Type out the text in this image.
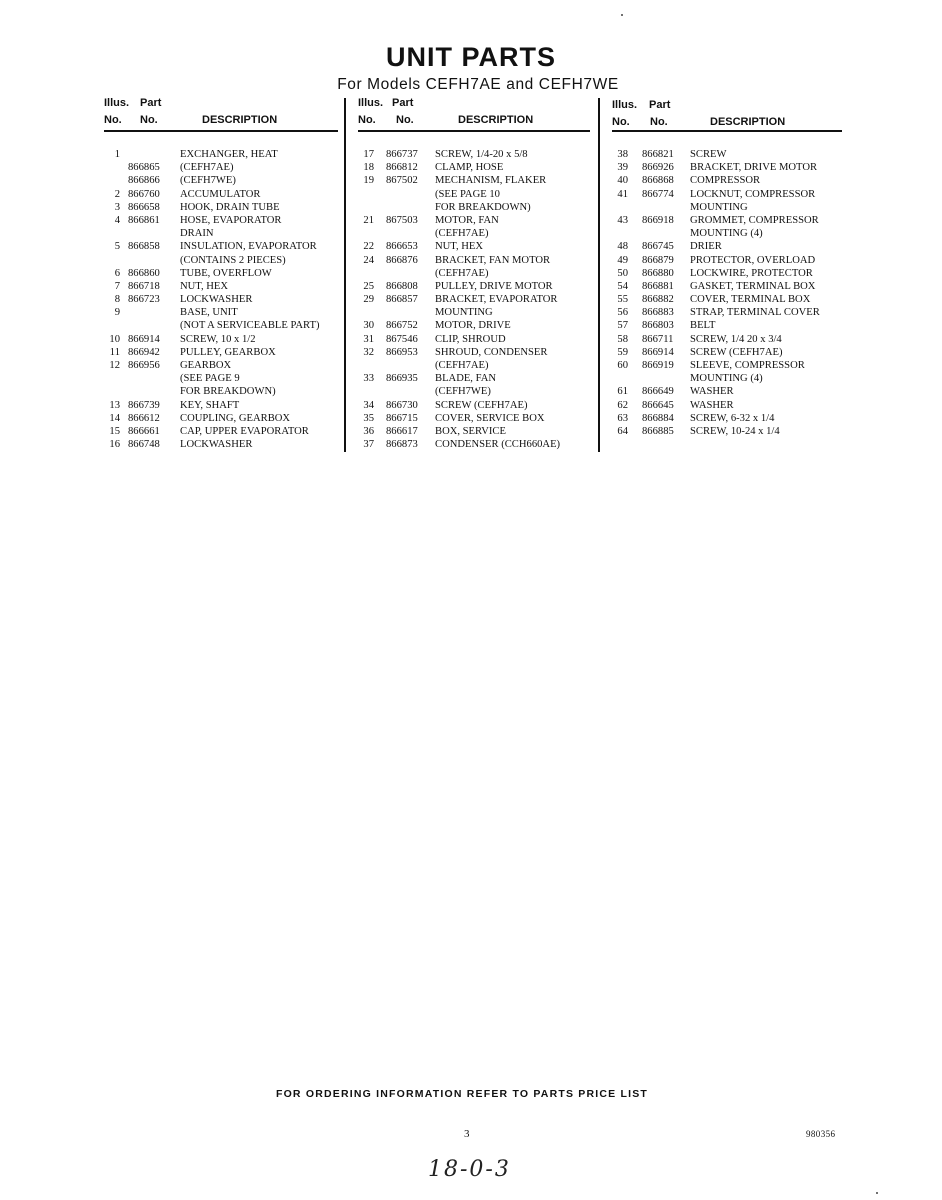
UNIT PARTS
For Models CEFH7AE and CEFH7WE
Illus. Part
No. No.	DESCRIPTION
1	EXCHANGER, HEAT
866865 (CEFH7AE)
866866 (CEFH7WE)
2 866760 ACCUMULATOR
3 866658 HOOK, DRAIN TUBE
4 866861 HOSE, EVAPORATOR
DRAIN
5 866858 INSULATION, EVAPORATOR
(CONTAINS 2 PIECES)
6 866860 TUBE, OVERFLOW
7 866718 NUT, HEX
8 866723 LOCKWASHER
9	BASE, UNIT
(NOT A SERVICEABLE PART)
10 866914 SCREW, 10 x 1/2
11 866942 PULLEY, GEARBOX
12 866956 GEARBOX
(SEE PAGE 9
FOR BREAKDOWN)
13 866739 KEY, SHAFT
14 866612 COUPLING, GEARBOX
15 866661 CAP, UPPER EVAPORATOR
16 866748 LOCKWASHER
Illus. Part
No. No.	DESCRIPTION
17 866737 SCREW, 1/4-20 x 5/8
18 866812 CLAMP, HOSE
19 867502 MECHANISM, FLAKER
(SEE PAGE 10
FOR BREAKDOWN)
21 867503 MOTOR, FAN
(CEFH7AE)
22 866653 NUT, HEX
24 866876 BRACKET, FAN MOTOR
(CEFH7AE)
25 866808 PULLEY, DRIVE MOTOR
29 866857 BRACKET, EVAPORATOR
MOUNTING
30 866752 MOTOR, DRIVE
31 867546 CLIP, SHROUD
32 866953 SHROUD, CONDENSER
(CEFH7AE)
33 866935 BLADE, FAN
(CEFH7WE)
34 866730 SCREW (CEFH7AE)
35 866715 COVER, SERVICE BOX
36 866617 BOX, SERVICE
37 866873 CONDENSER (CCH660AE)
Illus. Part
No. No.	DESCRIPTION
38 866821 SCREW
39 866926 BRACKET, DRIVE MOTOR
40 866868 COMPRESSOR
41 866774 LOCKNUT, COMPRESSOR
MOUNTING
43 866918 GROMMET, COMPRESSOR
MOUNTING (4)
48 866745 DRIER
49 866879 PROTECTOR, OVERLOAD
50 866880 LOCKWIRE, PROTECTOR
54 866881 GASKET, TERMINAL BOX
55 866882 COVER, TERMINAL BOX
56 866883 STRAP, TERMINAL COVER
57 866803 BELT
58 866711 SCREW, 1/4 20 x 3/4
59 866914 SCREW (CEFH7AE)
60 866919 SLEEVE, COMPRESSOR
MOUNTING (4)
61 866649 WASHER
62 866645 WASHER
63 866884 SCREW, 6-32 x 1/4
64 866885 SCREW, 10-24 x 1/4
FOR ORDERING INFORMATION REFER TO PARTS PRICE LIST
3	980356
18-0-3
